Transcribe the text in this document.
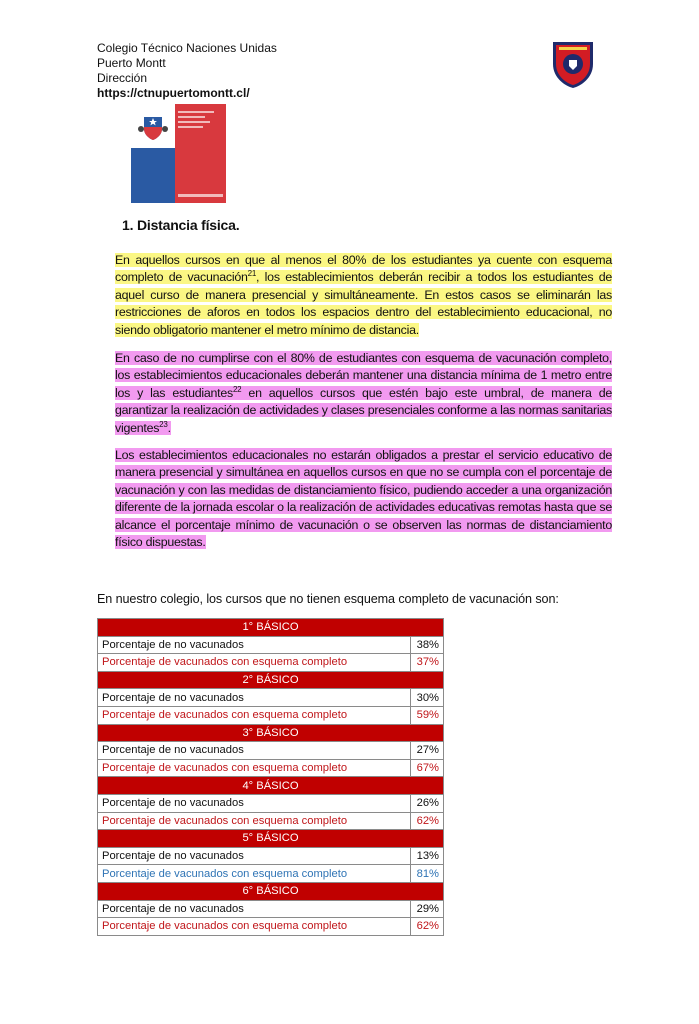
Colegio Técnico Naciones Unidas
Puerto Montt
Dirección
https://ctnupuertomontt.cl/
1. Distancia física.
En aquellos cursos en que al menos el 80% de los estudiantes ya cuente con esquema completo de vacunación$^{21}$, los establecimientos deberán recibir a todos los estudiantes de aquel curso de manera presencial y simultáneamente. En estos casos se eliminarán las restricciones de aforos en todos los espacios dentro del establecimiento educacional, no siendo obligatorio mantener el metro mínimo de distancia.
En caso de no cumplirse con el 80% de estudiantes con esquema de vacunación completo, los establecimientos educacionales deberán mantener una distancia mínima de 1 metro entre los y las estudiantes$^{22}$ en aquellos cursos que estén bajo este umbral, de manera de garantizar la realización de actividades y clases presenciales conforme a las normas sanitarias vigentes$^{23}$.
Los establecimientos educacionales no estarán obligados a prestar el servicio educativo de manera presencial y simultánea en aquellos cursos en que no se cumpla con el porcentaje de vacunación y con las medidas de distanciamiento físico, pudiendo acceder a una organización diferente de la jornada escolar o la realización de actividades educativas remotas hasta que se alcance el porcentaje mínimo de vacunación o se observen las normas de distanciamiento físico dispuestas.
En nuestro colegio, los cursos que no tienen esquema completo de vacunación son:
1° BÁSICO	
Porcentaje de no vacunados	38%
Porcentaje de vacunados con esquema completo	37%
2° BÁSICO	
Porcentaje de no vacunados	30%
Porcentaje de vacunados con esquema completo	59%
3° BÁSICO	
Porcentaje de no vacunados	27%
Porcentaje de vacunados con esquema completo	67%
4° BÁSICO	
Porcentaje de no vacunados	26%
Porcentaje de vacunados con esquema completo	62%
5° BÁSICO	
Porcentaje de no vacunados	13%
Porcentaje de vacunados con esquema completo	81%
6° BÁSICO	
Porcentaje de no vacunados	29%
Porcentaje de vacunados con esquema completo	62%
